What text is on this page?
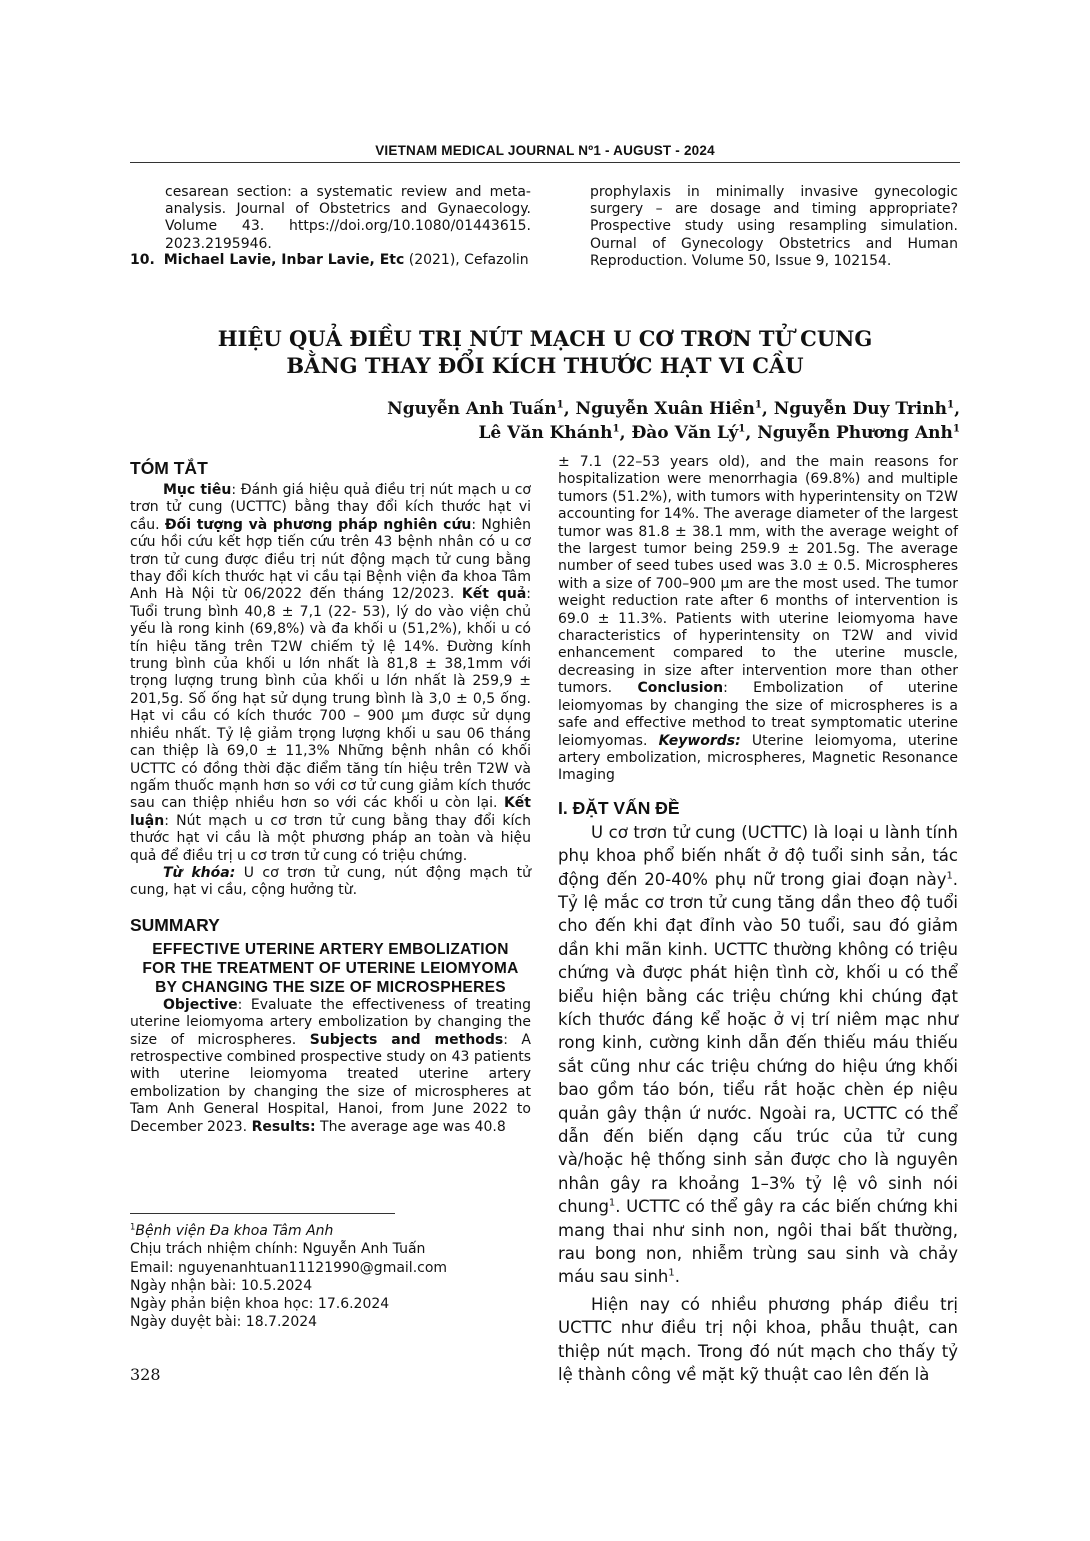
VIETNAM MEDICAL JOURNAL Nº1 - AUGUST - 2024

cesarean section: a systematic review and meta-analysis. Journal of Obstetrics and Gynaecology. Volume 43. https://doi.org/10.1080/01443615. 2023.2195946.

10. Michael Lavie, Inbar Lavie, Etc (2021), Cefazolin

prophylaxis in minimally invasive gynecologic surgery – are dosage and timing appropriate? Prospective study using resampling simulation. Ournal of Gynecology Obstetrics and Human Reproduction. Volume 50, Issue 9, 102154.

HIỆU QUẢ ĐIỀU TRỊ NÚT MẠCH U CƠ TRƠN TỬ CUNG
BẰNG THAY ĐỔI KÍCH THƯỚC HẠT VI CẦU
Nguyễn Anh Tuấn$^1$, Nguyễn Xuân Hiền$^1$, Nguyễn Duy Trinh$^1$,
Lê Văn Khánh$^1$, Đào Văn $Lý^1$, Nguyễn Phương Anh$^1$
TÓM TẮT

Mục tiêu: Đánh giá hiệu quả điều trị nút mạch u cơ trơn tử cung (UCTTC) bằng thay đổi kích thước hạt vi cầu. Đối tượng và phương pháp nghiên cứu: Nghiên cứu hồi cứu kết hợp tiến cứu trên 43 bệnh nhân có u cơ trơn tử cung được điều trị nút động mạch tử cung bằng thay đổi kích thước hạt vi cầu tại Bệnh viện đa khoa Tâm Anh Hà Nội từ 06/2022 đến tháng 12/2023. Kết quả: Tuổi trung bình 40,8 ± 7,1 (22- 53), lý do vào viện chủ yếu là rong kinh (69,8%) và đa khối u (51,2%), khối u có tín hiệu tăng trên T2W chiếm tỷ lệ 14%. Đường kính trung bình của khối u lớn nhất là 81,8 ± 38,1mm với trọng lượng trung bình của khối u lớn nhất là 259,9 ± 201,5g. Số ống hạt sử dụng trung bình là 3,0 ± 0,5 ống. Hạt vi cầu có kích thước 700 – 900 µm được sử dụng nhiều nhất. Tỷ lệ giảm trọng lượng khối u sau 06 tháng can thiệp là 69,0 ± 11,3% Những bệnh nhân có khối UCTTC có đồng thời đặc điểm tăng tín hiệu trên T2W và ngấm thuốc mạnh hơn so với cơ tử cung giảm kích thước sau can thiệp nhiều hơn so với các khối u còn lại. Kết luận: Nút mạch u cơ trơn tử cung bằng thay đổi kích thước hạt vi cầu là một phương pháp an toàn và hiệu quả để điều trị u cơ trơn tử cung có triệu chứng.

Từ khóa: U cơ trơn tử cung, nút động mạch tử cung, hạt vi cầu, cộng hưởng từ.

SUMMARY
EFFECTIVE UTERINE ARTERY EMBOLIZATION FOR THE TREATMENT OF UTERINE LEIOMYOMA BY CHANGING THE SIZE OF MICROSPHERES

Objective: Evaluate the effectiveness of treating uterine leiomyoma artery embolization by changing the size of microspheres. Subjects and methods: A retrospective combined prospective study on 43 patients with uterine leiomyoma treated uterine artery embolization by changing the size of microspheres at Tam Anh General Hospital, Hanoi, from June 2022 to December 2023. Results: The average age was 40.8

$^1$Bệnh viện Đa khoa Tâm Anh
Chịu trách nhiệm chính: Nguyễn Anh Tuấn
Email: nguyenanhtuan11121990@gmail.com
Ngày nhận bài: 10.5.2024
Ngày phản biện khoa học: 17.6.2024
Ngày duyệt bài: 18.7.2024

± 7.1 (22–53 years old), and the main reasons for hospitalization were menorrhagia (69.8%) and multiple tumors (51.2%), with tumors with hyperintensity on T2W accounting for 14%. The average diameter of the largest tumor was 81.8 ± 38.1 mm, with the average weight of the largest tumor being 259.9 ± 201.5g. The average number of seed tubes used was 3.0 ± 0.5. Microspheres with a size of 700–900 µm are the most used. The tumor weight reduction rate after 6 months of intervention is 69.0 ± 11.3%. Patients with uterine leiomyoma have characteristics of hyperintensity on T2W and vivid enhancement compared to the uterine muscle, decreasing in size after intervention more than other tumors. Conclusion: Embolization of uterine leiomyomas by changing the size of microspheres is a safe and effective method to treat symptomatic uterine leiomyomas. Keywords: Uterine leiomyoma, uterine artery embolization, microspheres, Magnetic Resonance Imaging

I. ĐẶT VẤN ĐỀ

U cơ trơn tử cung (UCTTC) là loại u lành tính phụ khoa phổ biến nhất ở độ tuổi sinh sản, tác động đến 20-40% phụ nữ trong giai đoạn này$^1$. Tỷ lệ mắc cơ trơn tử cung tăng dần theo độ tuổi cho đến khi đạt đỉnh vào 50 tuổi, sau đó giảm dần khi mãn kinh. UCTTC thường không có triệu chứng và được phát hiện tình cờ, khối u có thể biểu hiện bằng các triệu chứng khi chúng đạt kích thước đáng kể hoặc ở vị trí niêm mạc như rong kinh, cường kinh dẫn đến thiếu máu thiếu sắt cũng như các triệu chứng do hiệu ứng khối bao gồm táo bón, tiểu rắt hoặc chèn ép niệu quản gây thận ứ nước. Ngoài ra, UCTTC có thể dẫn đến biến dạng cấu trúc của tử cung và/hoặc hệ thống sinh sản được cho là nguyên nhân gây ra khoảng 1–3% tỷ lệ vô sinh nói chung$^1$. UCTTC có thể gây ra các biến chứng khi mang thai như sinh non, ngôi thai bất thường, rau bong non, nhiễm trùng sau sinh và chảy máu sau $\sinh^1$.

Hiện nay có nhiều phương pháp điều trị UCTTC như điều trị nội khoa, phẫu thuật, can thiệp nút mạch. Trong đó nút mạch cho thấy tỷ lệ thành công về mặt kỹ thuật cao lên đến là

328
